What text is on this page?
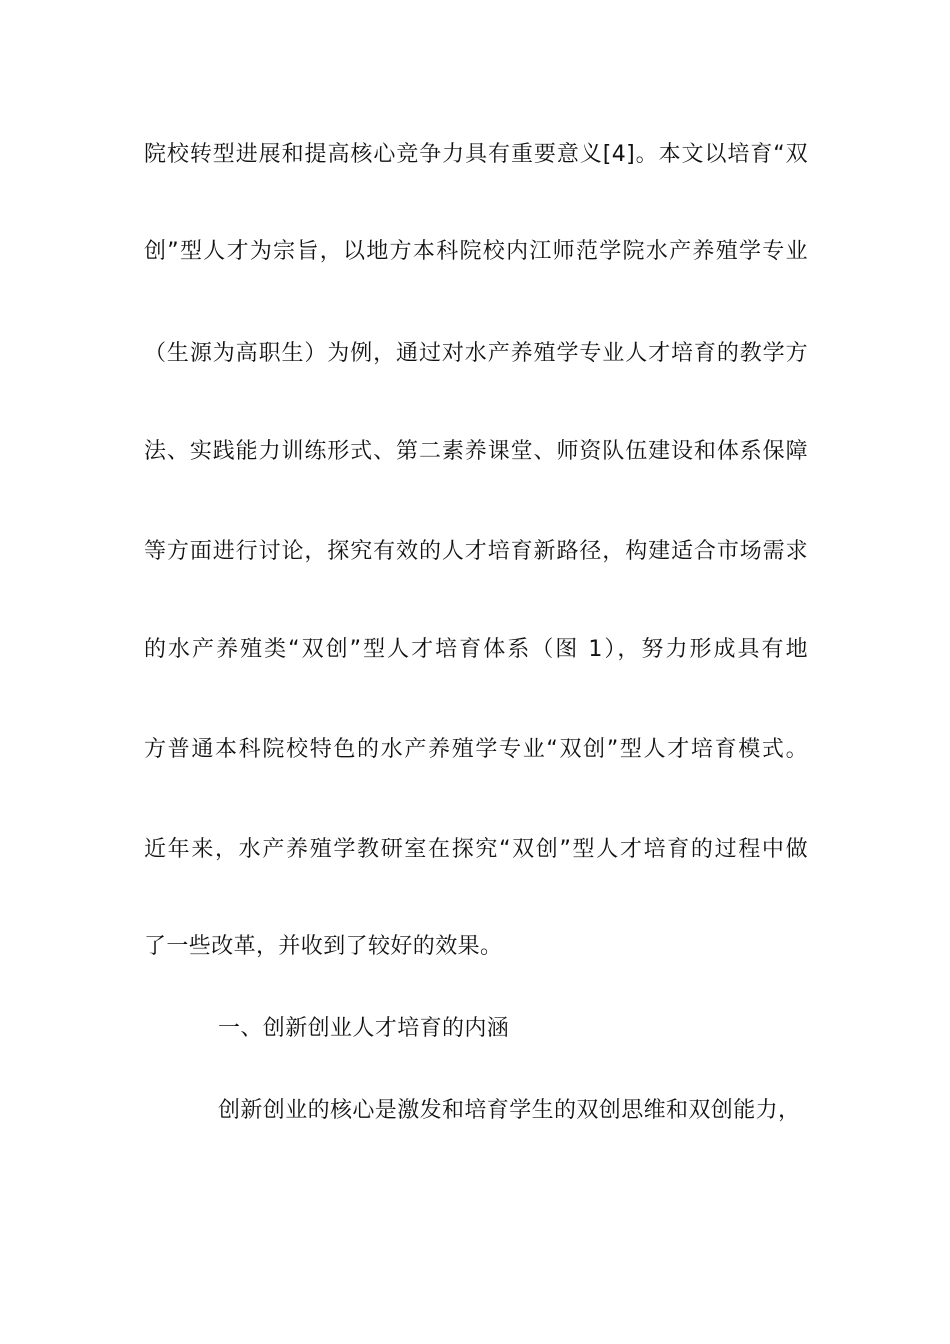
院校转型进展和提高核心竞争力具有重要意义[4]。本文以培育“双
创”型人才为宗旨，以地方本科院校内江师范学院水产养殖学专业
（生源为高职生）为例，通过对水产养殖学专业人才培育的教学方
法、实践能力训练形式、第二素养课堂、师资队伍建设和体系保障
等方面进行讨论，探究有效的人才培育新路径，构建适合市场需求
的水产养殖类“双创”型人才培育体系（图 1），努力形成具有地
方普通本科院校特色的水产养殖学专业“双创”型人才培育模式。
近年来，水产养殖学教研室在探究“双创”型人才培育的过程中做
了一些改革，并收到了较好的效果。
一、创新创业人才培育的内涵
创新创业的核心是激发和培育学生的双创思维和双创能力，
